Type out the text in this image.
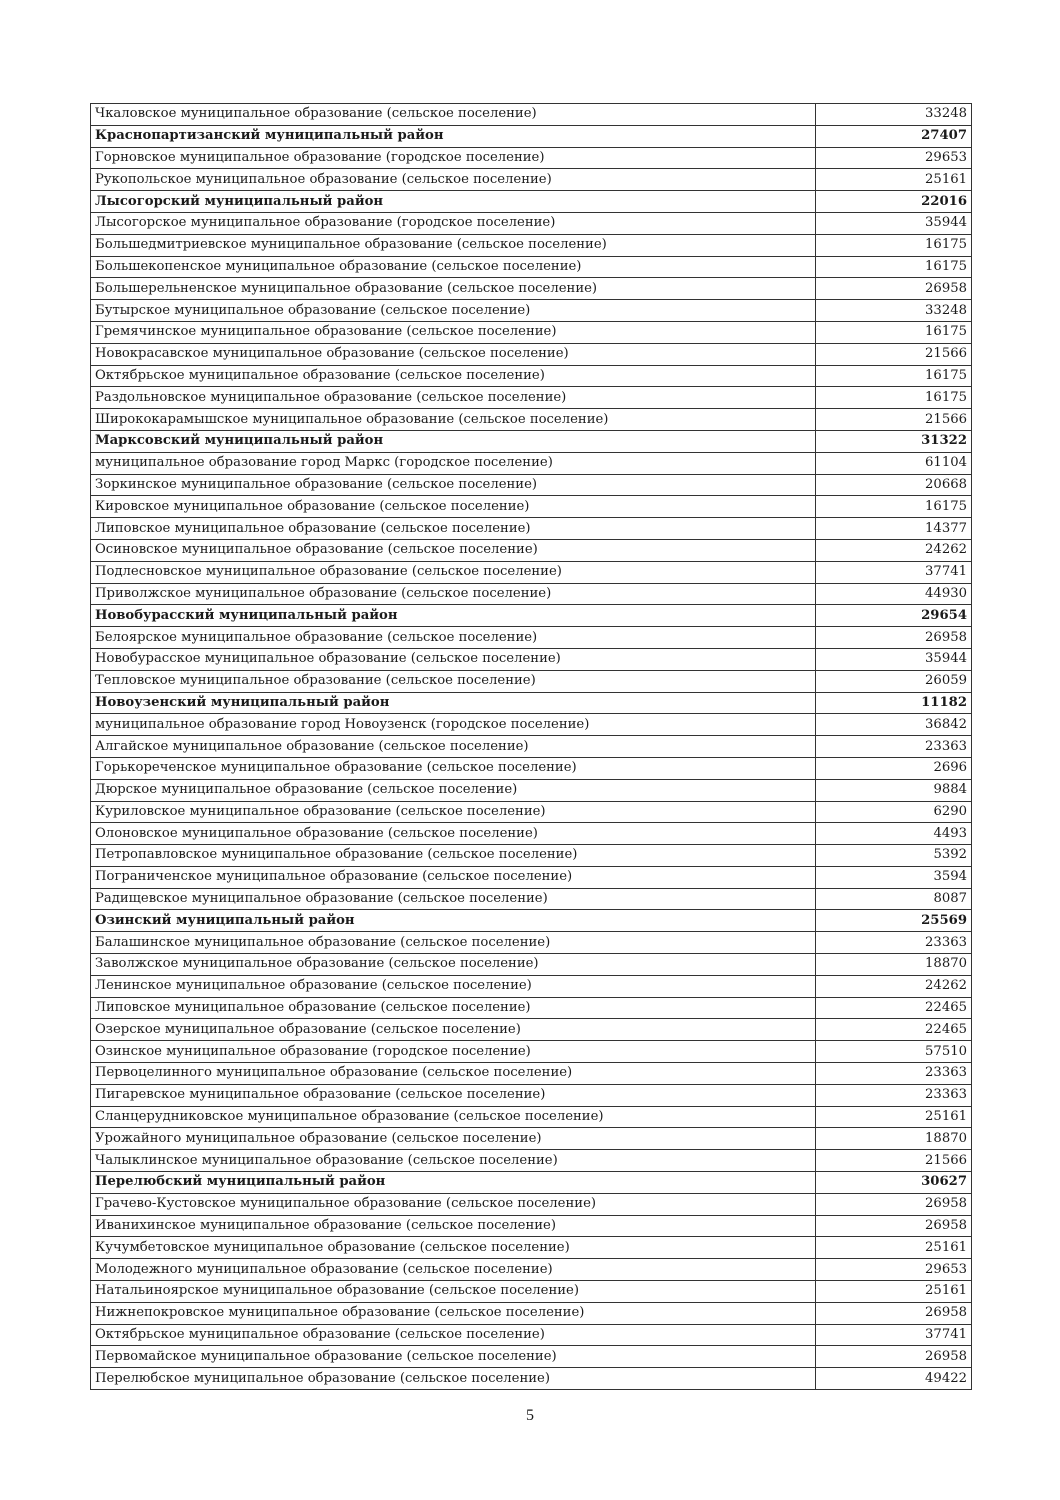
Чкаловское муниципальное образование (сельское поселение)	33248
Краснопартизанский муниципальный район	27407
Горновское муниципальное образование (городское поселение)	29653
Рукопольское муниципальное образование (сельское поселение)	25161
Лысогорский муниципальный район	22016
Лысогорское муниципальное образование (городское поселение)	35944
Большедмитриевское муниципальное образование (сельское поселение)	16175
Большекопенское муниципальное образование (сельское поселение)	16175
Большерельненское муниципальное образование (сельское поселение)	26958
Бутырское муниципальное образование (сельское поселение)	33248
Гремячинское муниципальное образование (сельское поселение)	16175
Новокрасавское муниципальное образование (сельское поселение)	21566
Октябрьское муниципальное образование (сельское поселение)	16175
Раздольновское муниципальное образование (сельское поселение)	16175
Ширококарамышское муниципальное образование (сельское поселение)	21566
Марксовский муниципальный район	31322
муниципальное образование город Маркс (городское поселение)	61104
Зоркинское муниципальное образование (сельское поселение)	20668
Кировское муниципальное образование (сельское поселение)	16175
Липовское муниципальное образование (сельское поселение)	14377
Осиновское муниципальное образование (сельское поселение)	24262
Подлесновское муниципальное образование (сельское поселение)	37741
Приволжское муниципальное образование (сельское поселение)	44930
Новобурасский муниципальный район	29654
Белоярское муниципальное образование (сельское поселение)	26958
Новобурасское муниципальное образование (сельское поселение)	35944
Тепловское муниципальное образование (сельское поселение)	26059
Новоузенский муниципальный район	11182
муниципальное образование город Новоузенск (городское поселение)	36842
Алгайское муниципальное образование (сельское поселение)	23363
Горькореченское муниципальное образование (сельское поселение)	2696
Дюрское муниципальное образование (сельское поселение)	9884
Куриловское муниципальное образование (сельское поселение)	6290
Олоновское муниципальное образование (сельское поселение)	4493
Петропавловское муниципальное образование (сельское поселение)	5392
Пограниченское муниципальное образование (сельское поселение)	3594
Радищевское муниципальное образование (сельское поселение)	8087
Озинский муниципальный район	25569
Балашинское муниципальное образование (сельское поселение)	23363
Заволжское муниципальное образование (сельское поселение)	18870
Ленинское муниципальное образование (сельское поселение)	24262
Липовское муниципальное образование (сельское поселение)	22465
Озерское муниципальное образование (сельское поселение)	22465
Озинское муниципальное образование (городское поселение)	57510
Первоцелинного муниципальное образование (сельское поселение)	23363
Пигаревское муниципальное образование (сельское поселение)	23363
Сланцерудниковское муниципальное образование (сельское поселение)	25161
Урожайного муниципальное образование (сельское поселение)	18870
Чалыклинское муниципальное образование (сельское поселение)	21566
Перелюбский муниципальный район	30627
Грачево-Кустовское муниципальное образование (сельское поселение)	26958
Иванихинское муниципальное образование (сельское поселение)	26958
Кучумбетовское муниципальное образование (сельское поселение)	25161
Молодежного муниципальное образование (сельское поселение)	29653
Натальиноярское муниципальное образование (сельское поселение)	25161
Нижнепокровское муниципальное образование (сельское поселение)	26958
Октябрьское муниципальное образование (сельское поселение)	37741
Первомайское муниципальное образование (сельское поселение)	26958
Перелюбское муниципальное образование (сельское поселение)	49422
5
